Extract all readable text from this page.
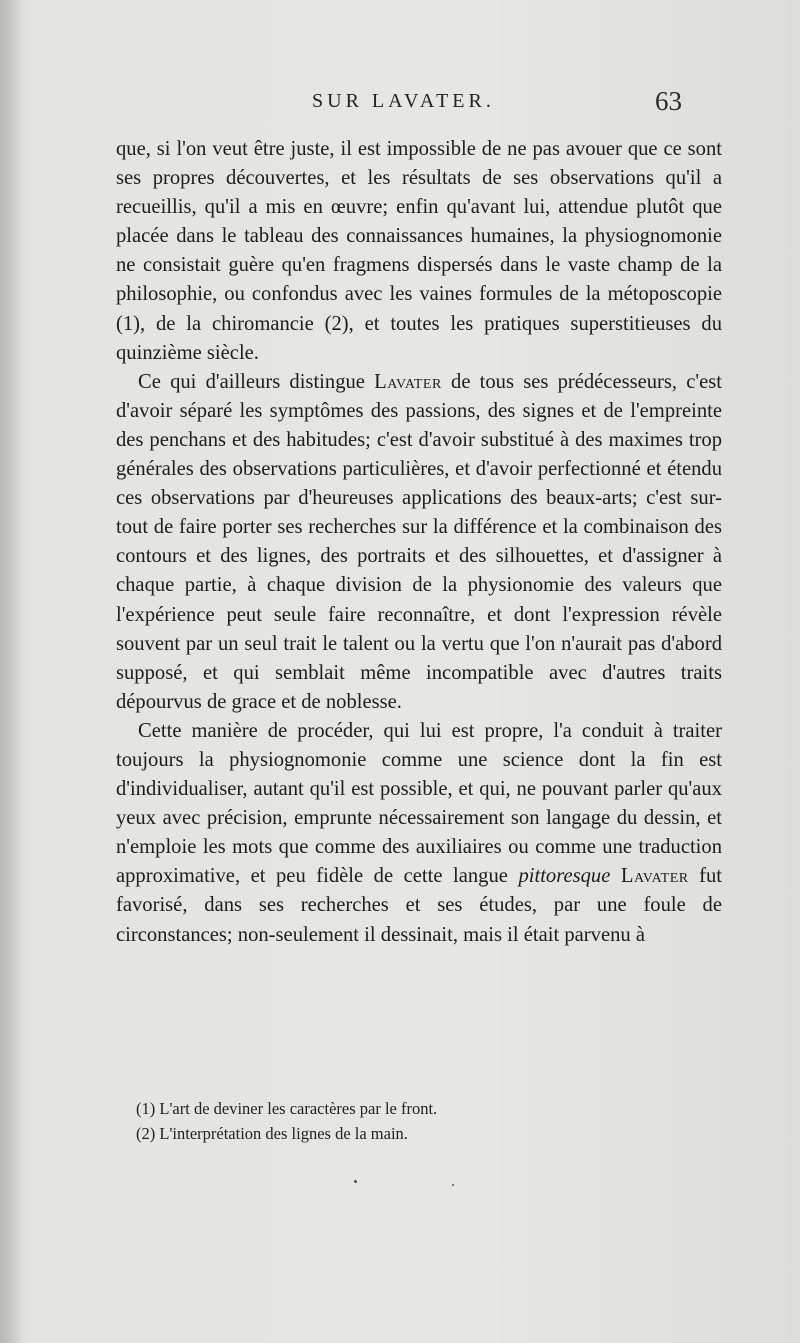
SUR LAVATER.	63

que, si l'on veut être juste, il est impossible de ne pas avouer que ce sont ses propres découvertes, et les résultats de ses observations qu'il a recueillis, qu'il a mis en œuvre; enfin qu'avant lui, attendue plutôt que placée dans le tableau des connaissances humaines, la physiognomonie ne consistait guère qu'en fragmens dispersés dans le vaste champ de la philosophie, ou confondus avec les vaines formules de la métoposcopie (1), de la chiromancie (2), et toutes les pratiques superstitieuses du quinzième siècle.

Ce qui d'ailleurs distingue Lavater de tous ses prédécesseurs, c'est d'avoir séparé les symptômes des passions, des signes et de l'empreinte des penchans et des habitudes; c'est d'avoir substitué à des maximes trop générales des observations particulières, et d'avoir perfectionné et étendu ces observations par d'heureuses applications des beaux-arts; c'est sur-tout de faire porter ses recherches sur la différence et la combinaison des contours et des lignes, des portraits et des silhouettes, et d'assigner à chaque partie, à chaque division de la physionomie des valeurs que l'expérience peut seule faire reconnaître, et dont l'expression révèle souvent par un seul trait le talent ou la vertu que l'on n'aurait pas d'abord supposé, et qui semblait même incompatible avec d'autres traits dépourvus de grace et de noblesse.

Cette manière de procéder, qui lui est propre, l'a conduit à traiter toujours la physiognomonie comme une science dont la fin est d'individualiser, autant qu'il est possible, et qui, ne pouvant parler qu'aux yeux avec précision, emprunte nécessairement son langage du dessin, et n'emploie les mots que comme des auxiliaires ou comme une traduction approximative, et peu fidèle de cette langue pittoresque Lavater fut favorisé, dans ses recherches et ses études, par une foule de circonstances; non-seulement il dessinait, mais il était parvenu à

(1) L'art de deviner les caractères par le front.

(2) L'interprétation des lignes de la main.
